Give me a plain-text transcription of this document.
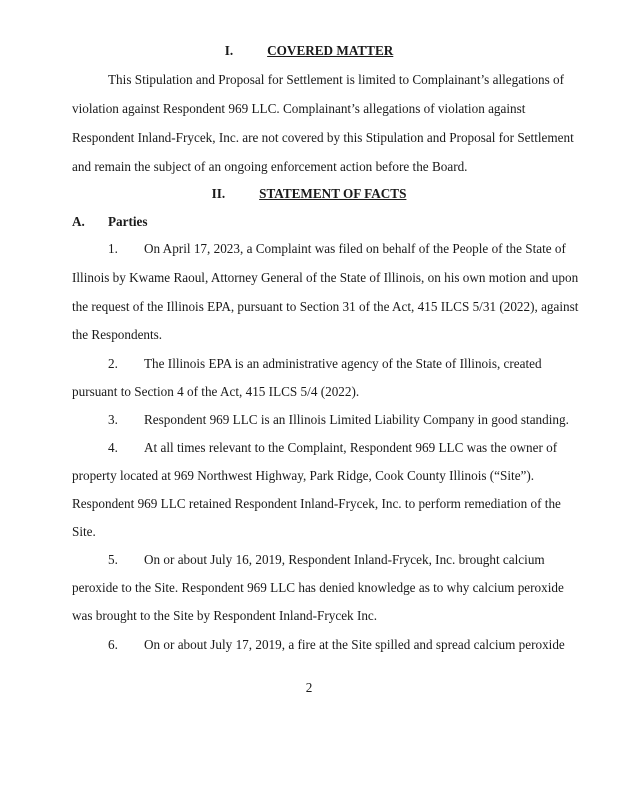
I.	COVERED MATTER
This Stipulation and Proposal for Settlement is limited to Complainant’s allegations of
violation against Respondent 969 LLC. Complainant’s allegations of violation against
Respondent Inland-Frycek, Inc. are not covered by this Stipulation and Proposal for Settlement
and remain the subject of an ongoing enforcement action before the Board.
II.	STATEMENT OF FACTS
A. Parties
1. On April 17, 2023, a Complaint was filed on behalf of the People of the State of
Illinois by Kwame Raoul, Attorney General of the State of Illinois, on his own motion and upon
the request of the Illinois EPA, pursuant to Section 31 of the Act, 415 ILCS 5/31 (2022), against
the Respondents.
2. The Illinois EPA is an administrative agency of the State of Illinois, created
pursuant to Section 4 of the Act, 415 ILCS 5/4 (2022).
3. Respondent 969 LLC is an Illinois Limited Liability Company in good standing.
4. At all times relevant to the Complaint, Respondent 969 LLC was the owner of
property located at 969 Northwest Highway, Park Ridge, Cook County Illinois (“Site”).
Respondent 969 LLC retained Respondent Inland-Frycek, Inc. to perform remediation of the
Site.
5. On or about July 16, 2019, Respondent Inland-Frycek, Inc. brought calcium
peroxide to the Site. Respondent 969 LLC has denied knowledge as to why calcium peroxide
was brought to the Site by Respondent Inland-Frycek Inc.
6. On or about July 17, 2019, a fire at the Site spilled and spread calcium peroxide
2
